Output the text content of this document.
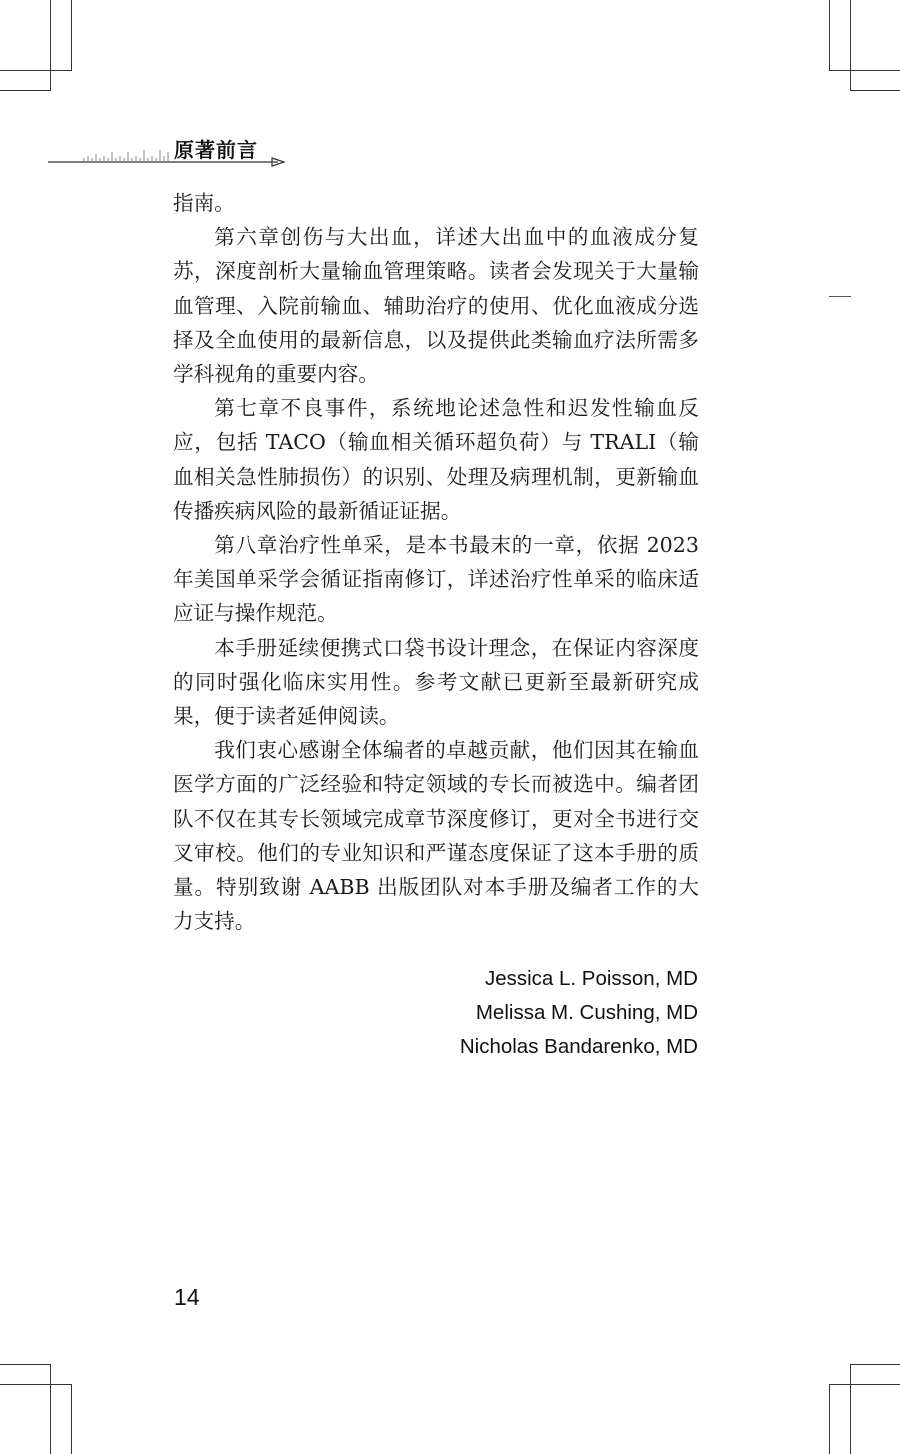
原著前言

指南。

第六章创伤与大出血，详述大出血中的血液成分复苏，深度剖析大量输血管理策略。读者会发现关于大量输血管理、入院前输血、辅助治疗的使用、优化血液成分选择及全血使用的最新信息，以及提供此类输血疗法所需多学科视角的重要内容。

第七章不良事件，系统地论述急性和迟发性输血反应，包括 TACO（输血相关循环超负荷）与 TRALI（输血相关急性肺损伤）的识别、处理及病理机制，更新输血传播疾病风险的最新循证证据。

第八章治疗性单采，是本书最末的一章，依据 2023 年美国单采学会循证指南修订，详述治疗性单采的临床适应证与操作规范。

本手册延续便携式口袋书设计理念，在保证内容深度的同时强化临床实用性。参考文献已更新至最新研究成果，便于读者延伸阅读。

我们衷心感谢全体编者的卓越贡献，他们因其在输血医学方面的广泛经验和特定领域的专长而被选中。编者团队不仅在其专长领域完成章节深度修订，更对全书进行交叉审校。他们的专业知识和严谨态度保证了这本手册的质量。特别致谢 AABB 出版团队对本手册及编者工作的大力支持。

Jessica L. Poisson, MD
Melissa M. Cushing, MD
Nicholas Bandarenko, MD
14
